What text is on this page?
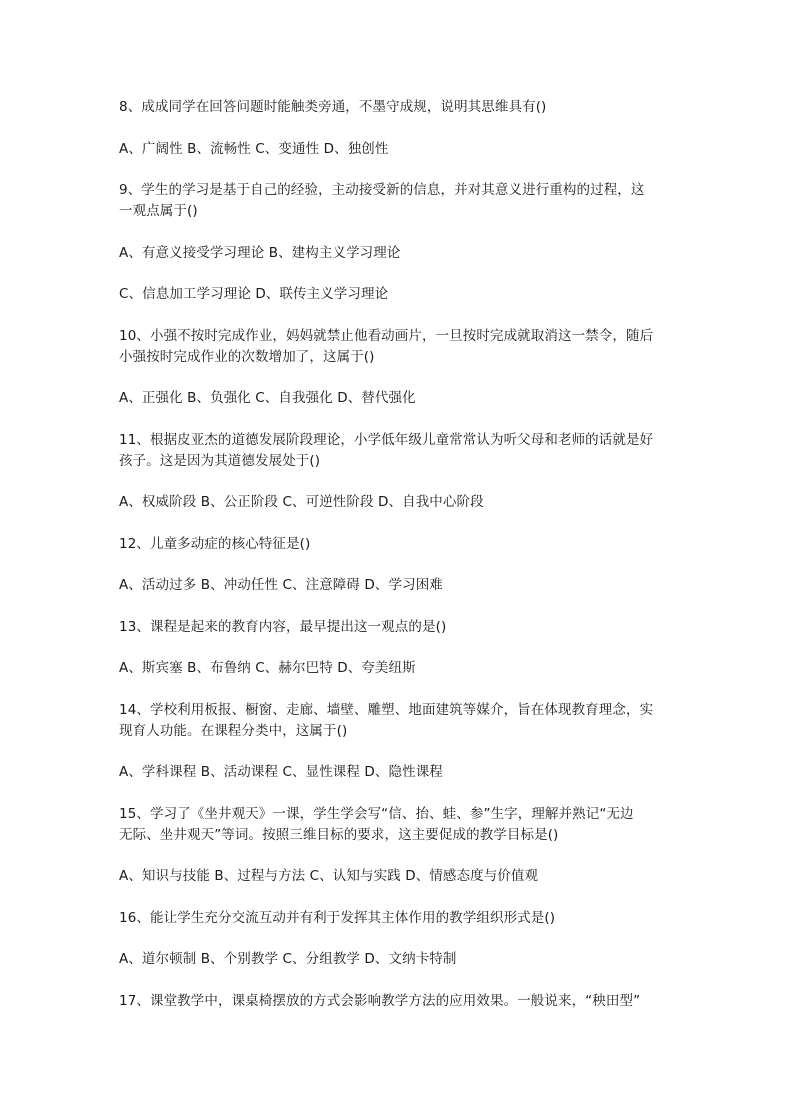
8、成成同学在回答问题时能触类旁通，不墨守成规，说明其思维具有()

A、广阔性 B、流畅性 C、变通性 D、独创性

9、学生的学习是基于自己的经验，主动接受新的信息，并对其意义进行重构的过程，这
一观点属于()

A、有意义接受学习理论 B、建构主义学习理论

C、信息加工学习理论 D、联传主义学习理论

10、小强不按时完成作业，妈妈就禁止他看动画片，一旦按时完成就取消这一禁令，随后
小强按时完成作业的次数增加了，这属于()

A、正强化 B、负强化 C、自我强化 D、替代强化

11、根据皮亚杰的道德发展阶段理论，小学低年级儿童常常认为听父母和老师的话就是好
孩子。这是因为其道德发展处于()

A、权威阶段 B、公正阶段 C、可逆性阶段 D、自我中心阶段

12、儿童多动症的核心特征是()

A、活动过多 B、冲动任性 C、注意障碍 D、学习困难

13、课程是起来的教育内容，最早提出这一观点的是()

A、斯宾塞 B、布鲁纳 C、赫尔巴特 D、夸美纽斯

14、学校利用板报、橱窗、走廊、墙壁、雕塑、地面建筑等媒介，旨在体现教育理念，实
现育人功能。在课程分类中，这属于()

A、学科课程 B、活动课程 C、显性课程 D、隐性课程

15、学习了《坐井观天》一课，学生学会写“信、抬、蛙、参”生字，理解并熟记“无边
无际、坐井观天”等词。按照三维目标的要求，这主要促成的教学目标是()

A、知识与技能 B、过程与方法 C、认知与实践 D、情感态度与价值观

16、能让学生充分交流互动并有利于发挥其主体作用的教学组织形式是()

A、道尔顿制 B、个别教学 C、分组教学 D、文纳卡特制

17、课堂教学中，课桌椅摆放的方式会影响教学方法的应用效果。一般说来，“秧田型”
